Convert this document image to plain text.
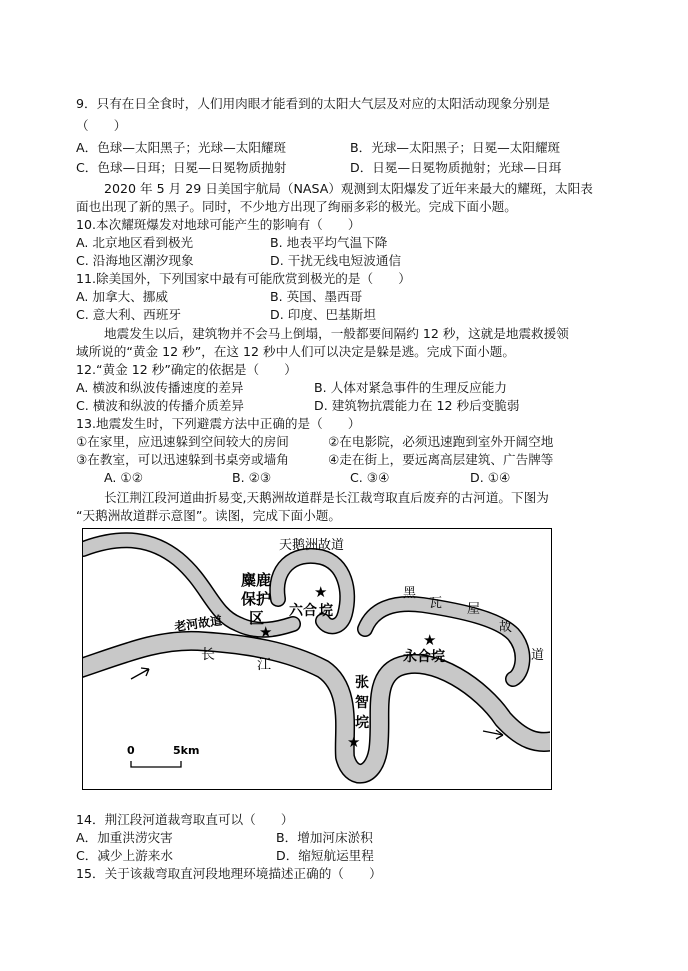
9．只有在日全食时，人们用肉眼才能看到的太阳大气层及对应的太阳活动现象分别是
（　　）
A．色球—太阳黑子；光球—太阳耀斑	B．光球—太阳黑子；日冕—太阳耀斑
C．色球—日珥；日冕—日冕物质抛射	D．日冕—日冕物质抛射；光球—日珥
2020 年 5 月 29 日美国宇航局（NASA）观测到太阳爆发了近年来最大的耀斑，太阳表
面也出现了新的黑子。同时，不少地方出现了绚丽多彩的极光。完成下面小题。
10.本次耀斑爆发对地球可能产生的影响有（　　）
A. 北京地区看到极光	B. 地表平均气温下降
C. 沿海地区潮汐现象	D. 干扰无线电短波通信
11.除美国外，下列国家中最有可能欣赏到极光的是（　　）
A. 加拿大、挪威	B. 英国、墨西哥
C. 意大利、西班牙	D. 印度、巴基斯坦
地震发生以后，建筑物并不会马上倒塌，一般都要间隔约 12 秒，这就是地震救援领
域所说的“黄金 12 秒”，在这 12 秒中人们可以决定是躲是逃。完成下面小题。
12.“黄金 12 秒”确定的依据是（　　）
A. 横波和纵波传播速度的差异	B. 人体对紧急事件的生理反应能力
C. 横波和纵波的传播介质差异	D. 建筑物抗震能力在 12 秒后变脆弱
13.地震发生时，下列避震方法中正确的是（　　）
①在家里，应迅速躲到空间较大的房间	②在电影院，必须迅速跑到室外开阔空地
③在教室，可以迅速躲到书桌旁或墙角	④走在街上，要远离高层建筑、广告牌等
A. ①②	B. ②③	C. ③④	D. ①④
长江荆江段河道曲折易变,天鹅洲故道群是长江裁弯取直后废弃的古河道。下图为
“天鹅洲故道群示意图”。读图，完成下面小题。
★
★	★
★
天鹅洲故道
麋鹿
保护
区 六合 垸
老河故道
长
江
黑
瓦 屋
故
道
永合垸
张
智
垸
0	5km
14．荆江段河道裁弯取直可以（　　）
A．加重洪涝灾害	B．增加河床淤积
C．减少上游来水	D．缩短航运里程
15．关于该裁弯取直河段地理环境描述正确的（　　）
